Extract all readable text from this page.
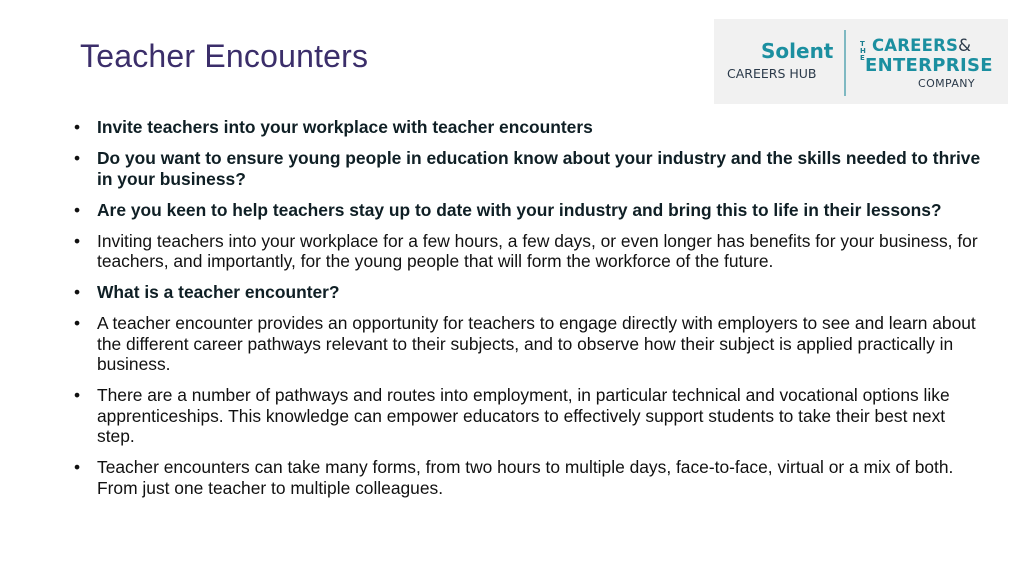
Teacher Encounters	Solent
CAREERS HUB
THE
CAREERS&
ENTERPRISE
COMPANY
• Invite teachers into your workplace with teacher encounters
• Do you want to ensure young people in education know about your industry and the skills needed to thrive in your business?
• Are you keen to help teachers stay up to date with your industry and bring this to life in their lessons?
• Inviting teachers into your workplace for a few hours, a few days, or even longer has benefits for your business, for teachers, and importantly, for the young people that will form the workforce of the future.
• What is a teacher encounter?
• A teacher encounter provides an opportunity for teachers to engage directly with employers to see and learn about the different career pathways relevant to their subjects, and to observe how their subject is applied practically in business.
• There are a number of pathways and routes into employment, in particular technical and vocational options like apprenticeships. This knowledge can empower educators to effectively support students to take their best next step.
• Teacher encounters can take many forms, from two hours to multiple days, face-to-face, virtual or a mix of both. From just one teacher to multiple colleagues.
